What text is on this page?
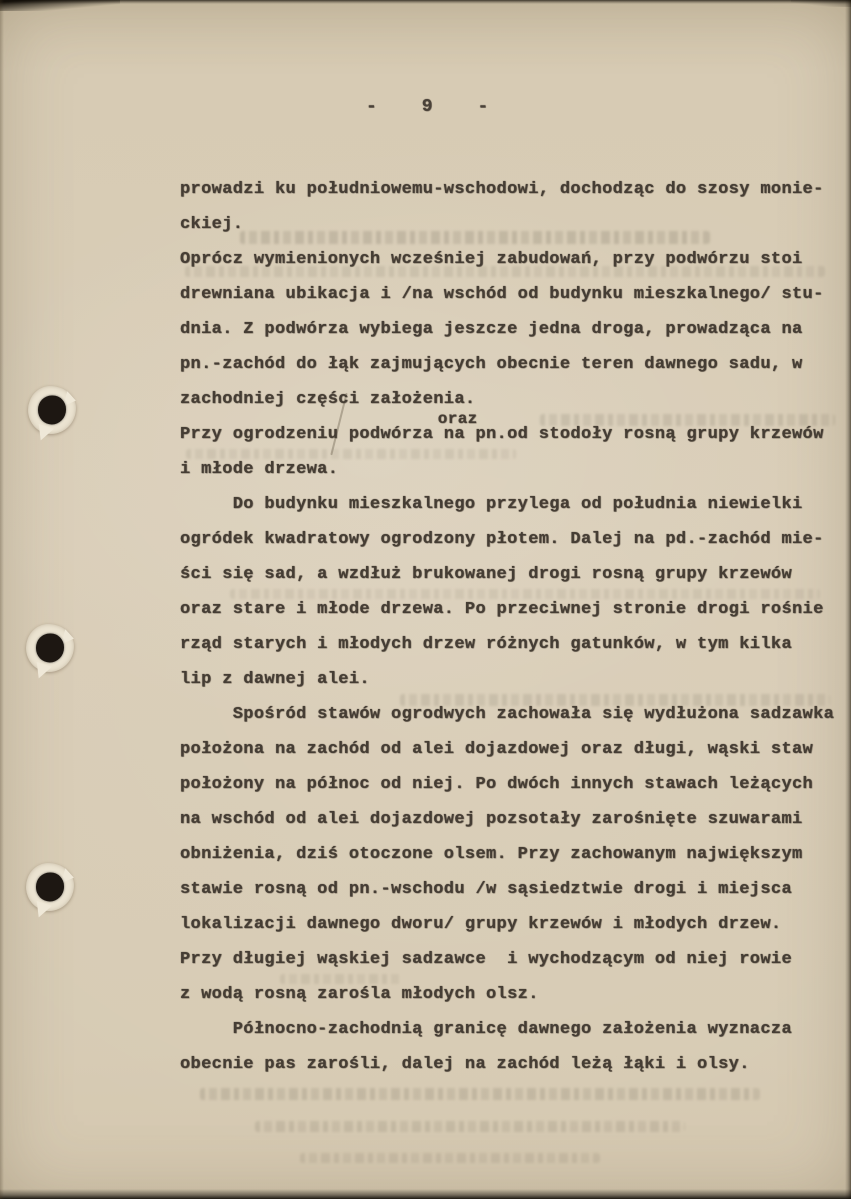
-    9    -
prowadzi ku południowemu-wschodowi, dochodząc do szosy monie-
ckiej.
Oprócz wymienionych wcześniej zabudowań, przy podwórzu stoi
drewniana ubikacja i /na wschód od budynku mieszkalnego/ stu-
dnia. Z podwórza wybiega jeszcze jedna droga, prowadząca na
pn.-zachód do łąk zajmujących obecnie teren dawnego sadu, w
zachodniej części założenia.
Przy ogrodzeniu podwórza
oraz
na pn.od stodoły rosną grupy krzewów
i młode drzewa.
Do budynku mieszkalnego przylega od południa niewielki
ogródek kwadratowy ogrodzony płotem. Dalej na pd.-zachód mie-
ści się sad, a wzdłuż brukowanej drogi rosną grupy krzewów
oraz stare i młode drzewa. Po przeciwnej stronie drogi rośnie
rząd starych i młodych drzew różnych gatunków, w tym kilka
lip z dawnej alei.
Spośród stawów ogrodwych zachowała się wydłużona sadzawka
położona na zachód od alei dojazdowej oraz długi, wąski staw
położony na północ od niej. Po dwóch innych stawach leżących
na wschód od alei dojazdowej pozsotały zarośnięte szuwarami
obniżenia, dziś otoczone olsem. Przy zachowanym największym
stawie rosną od pn.-wschodu /w sąsiedztwie drogi i miejsca
lokalizacji dawnego dworu/ grupy krzewów i młodych drzew.
Przy długiej wąskiej sadzawce  i wychodzącym od niej rowie
z wodą rosną zarośla młodych olsz.
Północno-zachodnią granicę dawnego założenia wyznacza
obecnie pas zarośli, dalej na zachód leżą łąki i olsy.
